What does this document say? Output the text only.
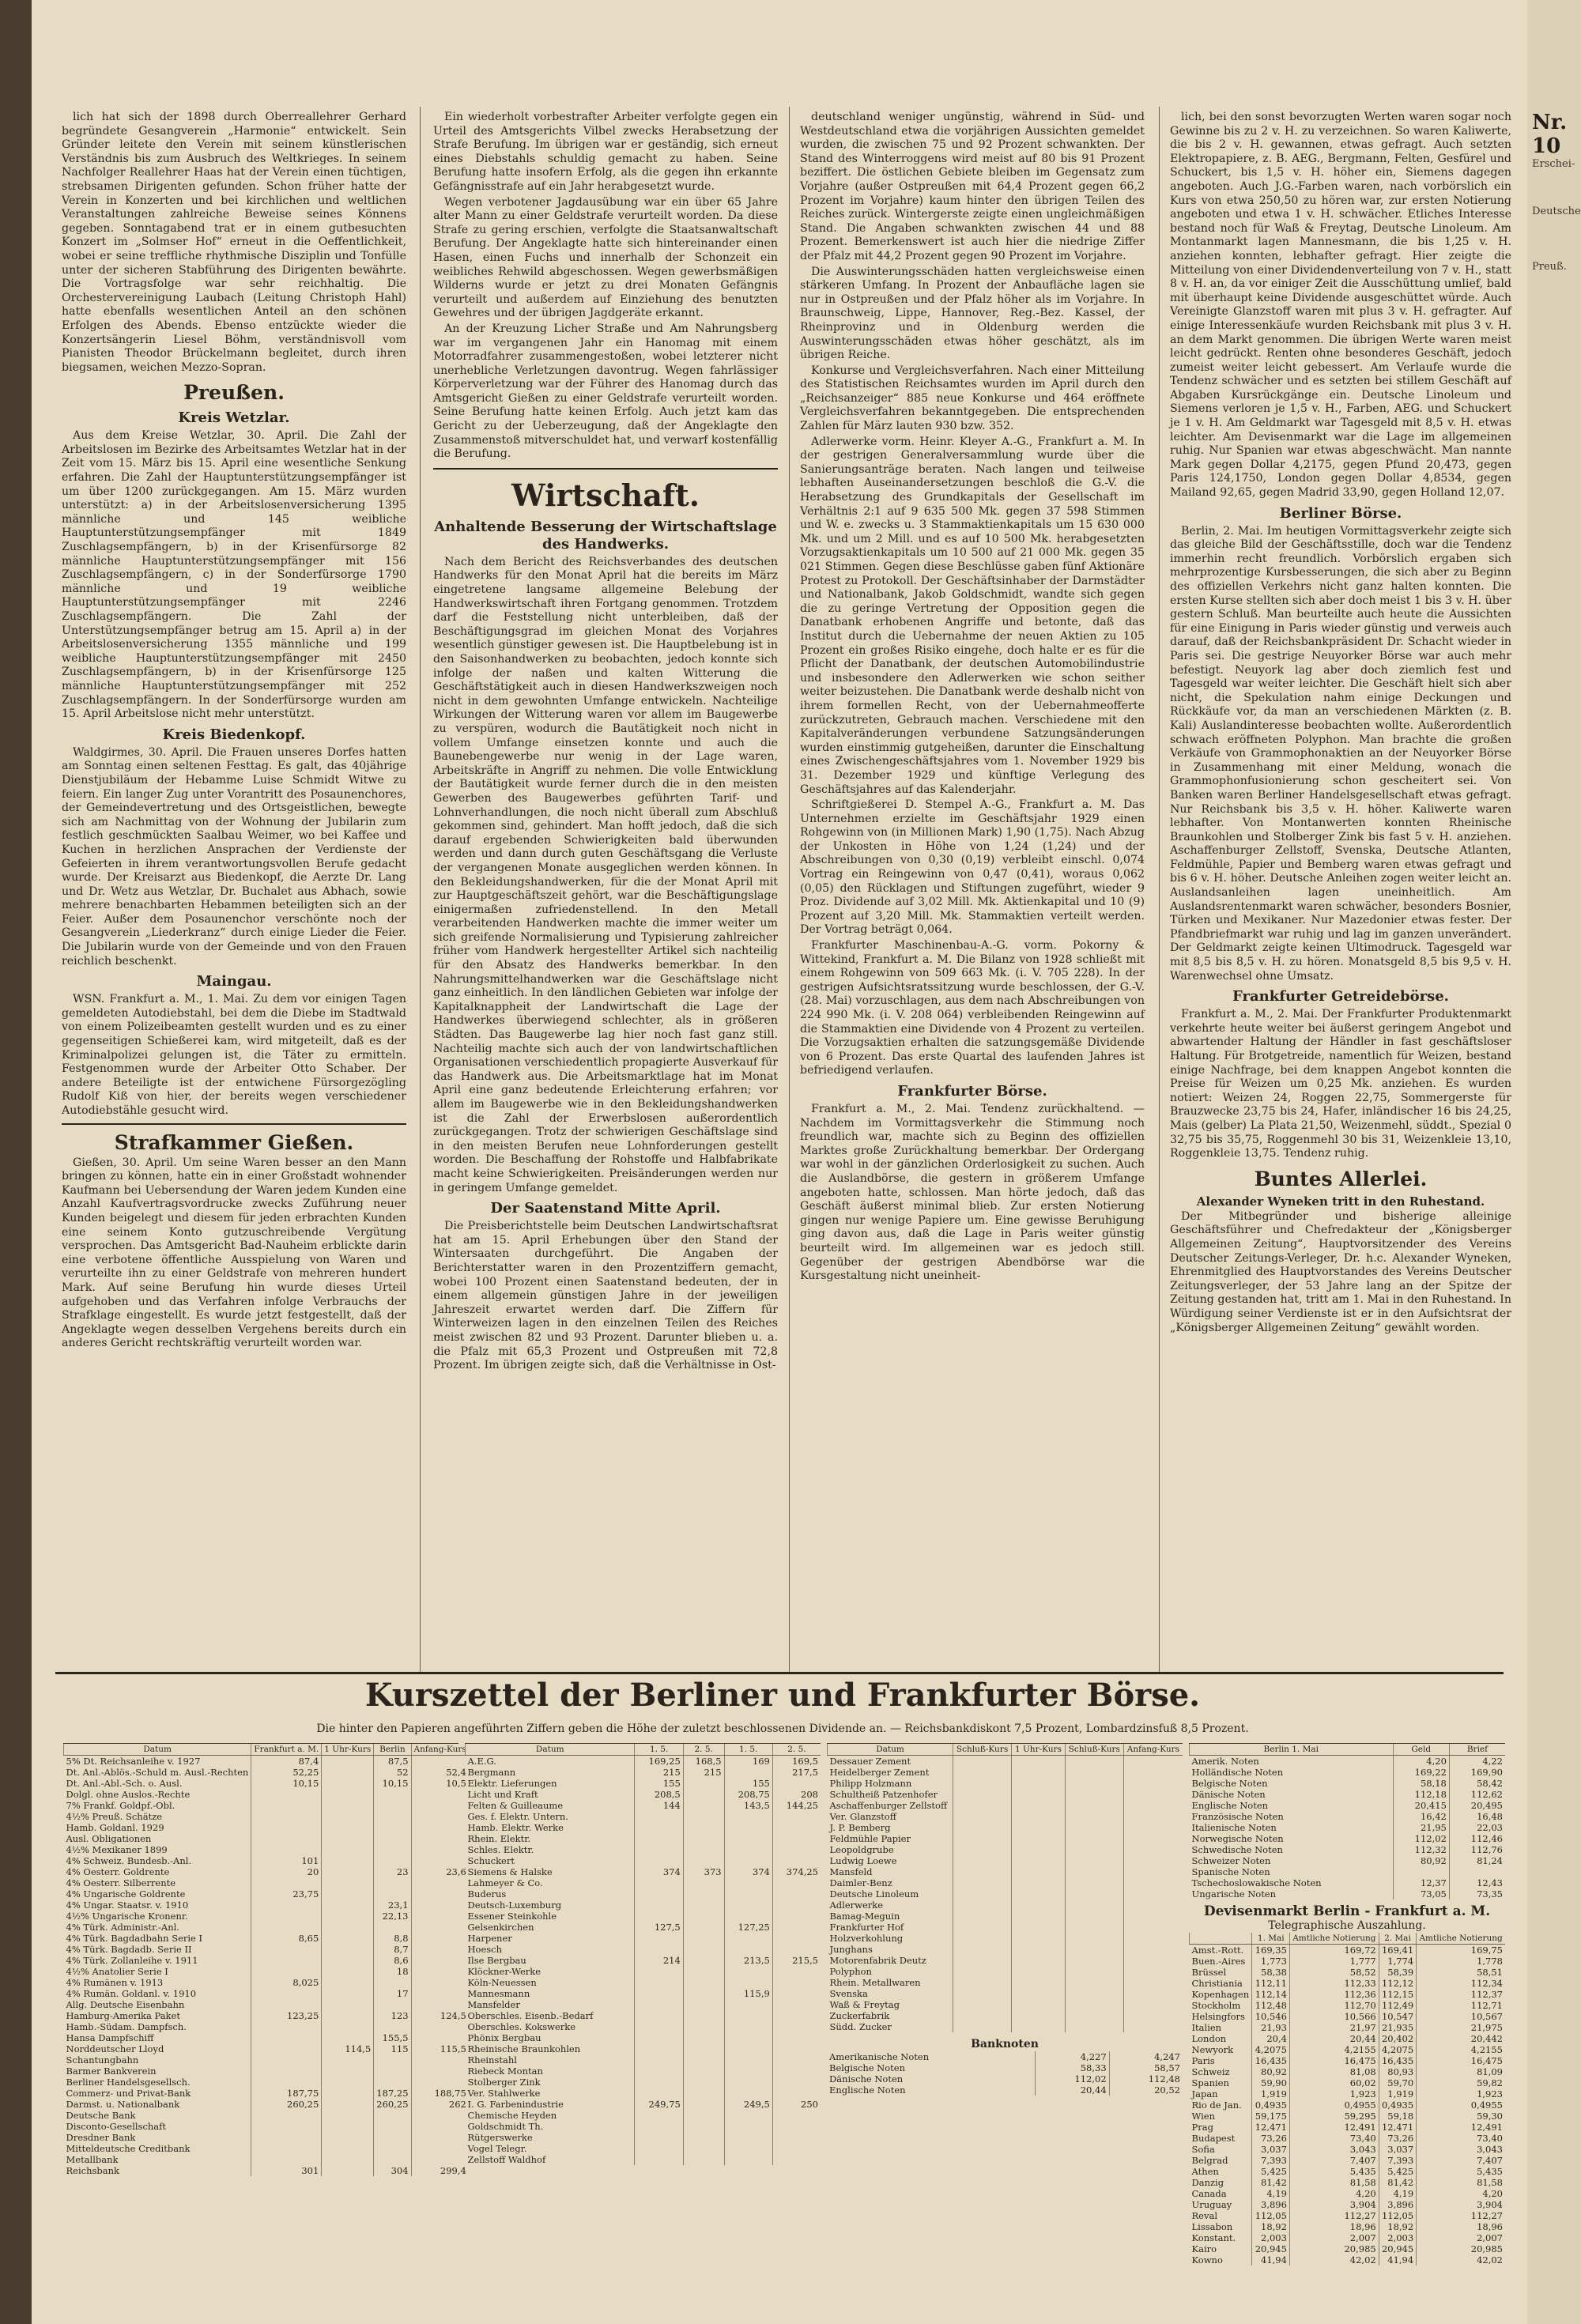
lich hat sich der 1898 durch Oberreallehrer Gerhard begründete Gesangverein „Harmonie“ entwickelt. Sein Gründer leitete den Verein mit seinem künstlerischen Verständnis bis zum Ausbruch des Weltkrieges. In seinem Nachfolger Reallehrer Haas hat der Verein einen tüchtigen, strebsamen Dirigenten gefunden. Schon früher hatte der Verein in Konzerten und bei kirchlichen und weltlichen Veranstaltungen zahlreiche Beweise seines Könnens gegeben. Sonntagabend trat er in einem gutbesuchten Konzert im „Solmser Hof“ erneut in die Oeffentlichkeit, wobei er seine treffliche rhythmische Disziplin und Tonfülle unter der sicheren Stabführung des Dirigenten bewährte. Die Vortragsfolge war sehr reichhaltig. Die Orchestervereinigung Laubach (Leitung Christoph Hahl) hatte ebenfalls wesentlichen Anteil an den schönen Erfolgen des Abends. Ebenso entzückte wieder die Konzertsängerin Liesel Böhm, verständnisvoll vom Pianisten Theodor Brückelmann begleitet, durch ihren biegsamen, weichen Mezzo-Sopran.

Preußen.
Kreis Wetzlar.

Aus dem Kreise Wetzlar, 30. April. Die Zahl der Arbeitslosen im Bezirke des Arbeitsamtes Wetzlar hat in der Zeit vom 15. März bis 15. April eine wesentliche Senkung erfahren. Die Zahl der Hauptunterstützungsempfänger ist um über 1200 zurückgegangen. Am 15. März wurden unterstützt: a) in der Arbeitslosenversicherung 1395 männliche und 145 weibliche Hauptunterstützungsempfänger mit 1849 Zuschlagsempfängern, b) in der Krisenfürsorge 82 männliche Hauptunterstützungsempfänger mit 156 Zuschlagsempfängern, c) in der Sonderfürsorge 1790 männliche und 19 weibliche Hauptunterstützungsempfänger mit 2246 Zuschlagsempfängern. Die Zahl der Unterstützungsempfänger betrug am 15. April a) in der Arbeitslosenversicherung 1355 männliche und 199 weibliche Hauptunterstützungsempfänger mit 2450 Zuschlagsempfängern, b) in der Krisenfürsorge 125 männliche Hauptunterstützungsempfänger mit 252 Zuschlagsempfängern. In der Sonderfürsorge wurden am 15. April Arbeitslose nicht mehr unterstützt.

Kreis Biedenkopf.

Waldgirmes, 30. April. Die Frauen unseres Dorfes hatten am Sonntag einen seltenen Festtag. Es galt, das 40jährige Dienstjubiläum der Hebamme Luise Schmidt Witwe zu feiern. Ein langer Zug unter Vorantritt des Posaunenchores, der Gemeindevertretung und des Ortsgeistlichen, bewegte sich am Nachmittag von der Wohnung der Jubilarin zum festlich geschmückten Saalbau Weimer, wo bei Kaffee und Kuchen in herzlichen Ansprachen der Verdienste der Gefeierten in ihrem verantwortungsvollen Berufe gedacht wurde. Der Kreisarzt aus Biedenkopf, die Aerzte Dr. Lang und Dr. Wetz aus Wetzlar, Dr. Buchalet aus Abhach, sowie mehrere benachbarten Hebammen beteiligten sich an der Feier. Außer dem Posaunenchor verschönte noch der Gesangverein „Liederkranz“ durch einige Lieder die Feier. Die Jubilarin wurde von der Gemeinde und von den Frauen reichlich beschenkt.

Maingau.

WSN. Frankfurt a. M., 1. Mai. Zu dem vor einigen Tagen gemeldeten Autodiebstahl, bei dem die Diebe im Stadtwald von einem Polizeibeamten gestellt wurden und es zu einer gegenseitigen Schießerei kam, wird mitgeteilt, daß es der Kriminalpolizei gelungen ist, die Täter zu ermitteln. Festgenommen wurde der Arbeiter Otto Schaber. Der andere Beteiligte ist der entwichene Fürsorgezögling Rudolf Kiß von hier, der bereits wegen verschiedener Autodiebstähle gesucht wird.

Strafkammer Gießen.

Gießen, 30. April. Um seine Waren besser an den Mann bringen zu können, hatte ein in einer Großstadt wohnender Kaufmann bei Uebersendung der Waren jedem Kunden eine Anzahl Kaufvertragsvordrucke zwecks Zuführung neuer Kunden beigelegt und diesem für jeden erbrachten Kunden eine seinem Konto gutzuschreibende Vergütung versprochen. Das Amtsgericht Bad-Nauheim erblickte darin eine verbotene öffentliche Ausspielung von Waren und verurteilte ihn zu einer Geldstrafe von mehreren hundert Mark. Auf seine Berufung hin wurde dieses Urteil aufgehoben und das Verfahren infolge Verbrauchs der Strafklage eingestellt. Es wurde jetzt festgestellt, daß der Angeklagte wegen desselben Vergehens bereits durch ein anderes Gericht rechtskräftig verurteilt worden war.

Ein wiederholt vorbestrafter Arbeiter verfolgte gegen ein Urteil des Amtsgerichts Vilbel zwecks Herabsetzung der Strafe Berufung. Im übrigen war er geständig, sich erneut eines Diebstahls schuldig gemacht zu haben. Seine Berufung hatte insofern Erfolg, als die gegen ihn erkannte Gefängnisstrafe auf ein Jahr herabgesetzt wurde.

Wegen verbotener Jagdausübung war ein über 65 Jahre alter Mann zu einer Geldstrafe verurteilt worden. Da diese Strafe zu gering erschien, verfolgte die Staatsanwaltschaft Berufung. Der Angeklagte hatte sich hintereinander einen Hasen, einen Fuchs und innerhalb der Schonzeit ein weibliches Rehwild abgeschossen. Wegen gewerbsmäßigen Wilderns wurde er jetzt zu drei Monaten Gefängnis verurteilt und außerdem auf Einziehung des benutzten Gewehres und der übrigen Jagdgeräte erkannt.

An der Kreuzung Licher Straße und Am Nahrungsberg war im vergangenen Jahr ein Hanomag mit einem Motorradfahrer zusammengestoßen, wobei letzterer nicht unerhebliche Verletzungen davontrug. Wegen fahrlässiger Körperverletzung war der Führer des Hanomag durch das Amtsgericht Gießen zu einer Geldstrafe verurteilt worden. Seine Berufung hatte keinen Erfolg. Auch jetzt kam das Gericht zu der Ueberzeugung, daß der Angeklagte den Zusammenstoß mitverschuldet hat, und verwarf kostenfällig die Berufung.

Wirtschaft.
Anhaltende Besserung der Wirtschaftslage des Handwerks.

Nach dem Bericht des Reichsverbandes des deutschen Handwerks für den Monat April hat die bereits im März eingetretene langsame allgemeine Belebung der Handwerkswirtschaft ihren Fortgang genommen. Trotzdem darf die Feststellung nicht unterbleiben, daß der Beschäftigungsgrad im gleichen Monat des Vorjahres wesentlich günstiger gewesen ist. Die Hauptbelebung ist in den Saisonhandwerken zu beobachten, jedoch konnte sich infolge der naßen und kalten Witterung die Geschäftstätigkeit auch in diesen Handwerkszweigen noch nicht in dem gewohnten Umfange entwickeln. Nachteilige Wirkungen der Witterung waren vor allem im Baugewerbe zu verspüren, wodurch die Bautätigkeit noch nicht in vollem Umfange einsetzen konnte und auch die Baunebengewerbe nur wenig in der Lage waren, Arbeitskräfte in Angriff zu nehmen. Die volle Entwicklung der Bautätigkeit wurde ferner durch die in den meisten Gewerben des Baugewerbes geführten Tarif- und Lohnverhandlungen, die noch nicht überall zum Abschluß gekommen sind, gehindert. Man hofft jedoch, daß die sich darauf ergebenden Schwierigkeiten bald überwunden werden und dann durch guten Geschäftsgang die Verluste der vergangenen Monate ausgeglichen werden können. In den Bekleidungshandwerken, für die der Monat April mit zur Hauptgeschäftszeit gehört, war die Beschäftigungslage einigermaßen zufriedenstellend. In den Metall verarbeitenden Handwerken machte die immer weiter um sich greifende Normalisierung und Typisierung zahlreicher früher vom Handwerk hergestellter Artikel sich nachteilig für den Absatz des Handwerks bemerkbar. In den Nahrungsmittelhandwerken war die Geschäftslage nicht ganz einheitlich. In den ländlichen Gebieten war infolge der Kapitalknappheit der Landwirtschaft die Lage der Handwerkes überwiegend schlechter, als in größeren Städten. Das Baugewerbe lag hier noch fast ganz still. Nachteilig machte sich auch der von landwirtschaftlichen Organisationen verschiedentlich propagierte Ausverkauf für das Handwerk aus. Die Arbeitsmarktlage hat im Monat April eine ganz bedeutende Erleichterung erfahren; vor allem im Baugewerbe wie in den Bekleidungshandwerken ist die Zahl der Erwerbslosen außerordentlich zurückgegangen. Trotz der schwierigen Geschäftslage sind in den meisten Berufen neue Lohnforderungen gestellt worden. Die Beschaffung der Rohstoffe und Halbfabrikate macht keine Schwierigkeiten. Preisänderungen werden nur in geringem Umfange gemeldet.

Der Saatenstand Mitte April.

Die Preisberichtstelle beim Deutschen Landwirtschaftsrat hat am 15. April Erhebungen über den Stand der Wintersaaten durchgeführt. Die Angaben der Berichterstatter waren in den Prozentziffern gemacht, wobei 100 Prozent einen Saatenstand bedeuten, der in einem allgemein günstigen Jahre in der jeweiligen Jahreszeit erwartet werden darf. Die Ziffern für Winterweizen lagen in den einzelnen Teilen des Reiches meist zwischen 82 und 93 Prozent. Darunter blieben u. a. die Pfalz mit 65,3 Prozent und Ostpreußen mit 72,8 Prozent. Im übrigen zeigte sich, daß die Verhältnisse in Ost-

deutschland weniger ungünstig, während in Süd- und Westdeutschland etwa die vorjährigen Aussichten gemeldet wurden, die zwischen 75 und 92 Prozent schwankten. Der Stand des Winterroggens wird meist auf 80 bis 91 Prozent beziffert. Die östlichen Gebiete bleiben im Gegensatz zum Vorjahre (außer Ostpreußen mit 64,4 Prozent gegen 66,2 Prozent im Vorjahre) kaum hinter den übrigen Teilen des Reiches zurück. Wintergerste zeigte einen ungleichmäßigen Stand. Die Angaben schwankten zwischen 44 und 88 Prozent. Bemerkenswert ist auch hier die niedrige Ziffer der Pfalz mit 44,2 Prozent gegen 90 Prozent im Vorjahre.

Die Auswinterungsschäden hatten vergleichsweise einen stärkeren Umfang. In Prozent der Anbaufläche lagen sie nur in Ostpreußen und der Pfalz höher als im Vorjahre. In Braunschweig, Lippe, Hannover, Reg.-Bez. Kassel, der Rheinprovinz und in Oldenburg werden die Auswinterungsschäden etwas höher geschätzt, als im übrigen Reiche.

Konkurse und Vergleichsverfahren. Nach einer Mitteilung des Statistischen Reichsamtes wurden im April durch den „Reichsanzeiger“ 885 neue Konkurse und 464 eröffnete Vergleichsverfahren bekanntgegeben. Die entsprechenden Zahlen für März lauten 930 bzw. 352.

Adlerwerke vorm. Heinr. Kleyer A.-G., Frankfurt a. M. In der gestrigen Generalversammlung wurde über die Sanierungsanträge beraten. Nach langen und teilweise lebhaften Auseinandersetzungen beschloß die G.-V. die Herabsetzung des Grundkapitals der Gesellschaft im Verhältnis 2:1 auf 9 635 500 Mk. gegen 37 598 Stimmen und W. e. zwecks u. 3 Stammaktienkapitals um 15 630 000 Mk. und um 2 Mill. und es auf 10 500 Mk. herabgesetzten Vorzugsaktienkapitals um 10 500 auf 21 000 Mk. gegen 35 021 Stimmen. Gegen diese Beschlüsse gaben fünf Aktionäre Protest zu Protokoll. Der Geschäftsinhaber der Darmstädter und Nationalbank, Jakob Goldschmidt, wandte sich gegen die zu geringe Vertretung der Opposition gegen die Danatbank erhobenen Angriffe und betonte, daß das Institut durch die Uebernahme der neuen Aktien zu 105 Prozent ein großes Risiko eingehe, doch halte er es für die Pflicht der Danatbank, der deutschen Automobilindustrie und insbesondere den Adlerwerken wie schon seither weiter beizustehen. Die Danatbank werde deshalb nicht von ihrem formellen Recht, von der Uebernahmeofferte zurückzutreten, Gebrauch machen. Verschiedene mit den Kapitalveränderungen verbundene Satzungsänderungen wurden einstimmig gutgeheißen, darunter die Einschaltung eines Zwischengeschäftsjahres vom 1. November 1929 bis 31. Dezember 1929 und künftige Verlegung des Geschäftsjahres auf das Kalenderjahr.

Schriftgießerei D. Stempel A.-G., Frankfurt a. M. Das Unternehmen erzielte im Geschäftsjahr 1929 einen Rohgewinn von (in Millionen Mark) 1,90 (1,75). Nach Abzug der Unkosten in Höhe von 1,24 (1,24) und der Abschreibungen von 0,30 (0,19) verbleibt einschl. 0,074 Vortrag ein Reingewinn von 0,47 (0,41), woraus 0,062 (0,05) den Rücklagen und Stiftungen zugeführt, wieder 9 Proz. Dividende auf 3,02 Mill. Mk. Aktienkapital und 10 (9) Prozent auf 3,20 Mill. Mk. Stammaktien verteilt werden. Der Vortrag beträgt 0,064.

Frankfurter Maschinenbau-A.-G. vorm. Pokorny & Wittekind, Frankfurt a. M. Die Bilanz von 1928 schließt mit einem Rohgewinn von 509 663 Mk. (i. V. 705 228). In der gestrigen Aufsichtsratssitzung wurde beschlossen, der G.-V. (28. Mai) vorzuschlagen, aus dem nach Abschreibungen von 224 990 Mk. (i. V. 208 064) verbleibenden Reingewinn auf die Stammaktien eine Dividende von 4 Prozent zu verteilen. Die Vorzugsaktien erhalten die satzungsgemäße Dividende von 6 Prozent. Das erste Quartal des laufenden Jahres ist befriedigend verlaufen.

Frankfurter Börse.

Frankfurt a. M., 2. Mai. Tendenz zurückhaltend. — Nachdem im Vormittagsverkehr die Stimmung noch freundlich war, machte sich zu Beginn des offiziellen Marktes große Zurückhaltung bemerkbar. Der Ordergang war wohl in der gänzlichen Orderlosigkeit zu suchen. Auch die Auslandbörse, die gestern in größerem Umfange angeboten hatte, schlossen. Man hörte jedoch, daß das Geschäft äußerst minimal blieb. Zur ersten Notierung gingen nur wenige Papiere um. Eine gewisse Beruhigung ging davon aus, daß die Lage in Paris weiter günstig beurteilt wird. Im allgemeinen war es jedoch still. Gegenüber der gestrigen Abendbörse war die Kursgestaltung nicht uneinheit-

lich, bei den sonst bevorzugten Werten waren sogar noch Gewinne bis zu 2 v. H. zu verzeichnen. So waren Kaliwerte, die bis 2 v. H. gewannen, etwas gefragt. Auch setzten Elektropapiere, z. B. AEG., Bergmann, Felten, Gesfürel und Schuckert, bis 1,5 v. H. höher ein, Siemens dagegen angeboten. Auch J.G.-Farben waren, nach vorbörslich ein Kurs von etwa 250,50 zu hören war, zur ersten Notierung angeboten und etwa 1 v. H. schwächer. Etliches Interesse bestand noch für Waß & Freytag, Deutsche Linoleum. Am Montanmarkt lagen Mannesmann, die bis 1,25 v. H. anziehen konnten, lebhafter gefragt. Hier zeigte die Mitteilung von einer Dividendenverteilung von 7 v. H., statt 8 v. H. an, da vor einiger Zeit die Ausschüttung umlief, bald mit überhaupt keine Dividende ausgeschüttet würde. Auch Vereinigte Glanzstoff waren mit plus 3 v. H. gefragter. Auf einige Interessenkäufe wurden Reichsbank mit plus 3 v. H. an dem Markt genommen. Die übrigen Werte waren meist leicht gedrückt. Renten ohne besonderes Geschäft, jedoch zumeist weiter leicht gebessert. Am Verlaufe wurde die Tendenz schwächer und es setzten bei stillem Geschäft auf Abgaben Kursrückgänge ein. Deutsche Linoleum und Siemens verloren je 1,5 v. H., Farben, AEG. und Schuckert je 1 v. H. Am Geldmarkt war Tagesgeld mit 8,5 v. H. etwas leichter. Am Devisenmarkt war die Lage im allgemeinen ruhig. Nur Spanien war etwas abgeschwächt. Man nannte Mark gegen Dollar 4,2175, gegen Pfund 20,473, gegen Paris 124,1750, London gegen Dollar 4,8534, gegen Mailand 92,65, gegen Madrid 33,90, gegen Holland 12,07.

Berliner Börse.

Berlin, 2. Mai. Im heutigen Vormittagsverkehr zeigte sich das gleiche Bild der Geschäftsstille, doch war die Tendenz immerhin recht freundlich. Vorbörslich ergaben sich mehrprozentige Kursbesserungen, die sich aber zu Beginn des offiziellen Verkehrs nicht ganz halten konnten. Die ersten Kurse stellten sich aber doch meist 1 bis 3 v. H. über gestern Schluß. Man beurteilte auch heute die Aussichten für eine Einigung in Paris wieder günstig und verweis auch darauf, daß der Reichsbankpräsident Dr. Schacht wieder in Paris sei. Die gestrige Neuyorker Börse war auch mehr befestigt. Neuyork lag aber doch ziemlich fest und Tagesgeld war weiter leichter. Die Geschäft hielt sich aber nicht, die Spekulation nahm einige Deckungen und Rückkäufe vor, da man an verschiedenen Märkten (z. B. Kali) Auslandinteresse beobachten wollte. Außerordentlich schwach eröffneten Polyphon. Man brachte die großen Verkäufe von Grammophonaktien an der Neuyorker Börse in Zusammenhang mit einer Meldung, wonach die Grammophonfusionierung schon gescheitert sei. Von Banken waren Berliner Handelsgesellschaft etwas gefragt. Nur Reichsbank bis 3,5 v. H. höher. Kaliwerte waren lebhafter. Von Montanwerten konnten Rheinische Braunkohlen und Stolberger Zink bis fast 5 v. H. anziehen. Aschaffenburger Zellstoff, Svenska, Deutsche Atlanten, Feldmühle, Papier und Bemberg waren etwas gefragt und bis 6 v. H. höher. Deutsche Anleihen zogen weiter leicht an. Auslandsanleihen lagen uneinheitlich. Am Auslandsrentenmarkt waren schwächer, besonders Bosnier, Türken und Mexikaner. Nur Mazedonier etwas fester. Der Pfandbriefmarkt war ruhig und lag im ganzen unverändert. Der Geldmarkt zeigte keinen Ultimodruck. Tagesgeld war mit 8,5 bis 8,5 v. H. zu hören. Monatsgeld 8,5 bis 9,5 v. H. Warenwechsel ohne Umsatz.

Frankfurter Getreidebörse.

Frankfurt a. M., 2. Mai. Der Frankfurter Produktenmarkt verkehrte heute weiter bei äußerst geringem Angebot und abwartender Haltung der Händler in fast geschäftsloser Haltung. Für Brotgetreide, namentlich für Weizen, bestand einige Nachfrage, bei dem knappen Angebot konnten die Preise für Weizen um 0,25 Mk. anziehen. Es wurden notiert: Weizen 24, Roggen 22,75, Sommergerste für Brauzwecke 23,75 bis 24, Hafer, inländischer 16 bis 24,25, Mais (gelber) La Plata 21,50, Weizenmehl, süddt., Spezial 0 32,75 bis 35,75, Roggenmehl 30 bis 31, Weizenkleie 13,10, Roggenkleie 13,75. Tendenz ruhig.

Buntes Allerlei.
Alexander Wyneken tritt in den Ruhestand.

Der Mitbegründer und bisherige alleinige Geschäftsführer und Chefredakteur der „Königsberger Allgemeinen Zeitung“, Hauptvorsitzender des Vereins Deutscher Zeitungs-Verleger, Dr. h.c. Alexander Wyneken, Ehrenmitglied des Hauptvorstandes des Vereins Deutscher Zeitungsverleger, der 53 Jahre lang an der Spitze der Zeitung gestanden hat, tritt am 1. Mai in den Ruhestand. In Würdigung seiner Verdienste ist er in den Aufsichtsrat der „Königsberger Allgemeinen Zeitung“ gewählt worden.

Kurszettel der Berliner und Frankfurter Börse.
Die hinter den Papieren angeführten Ziffern geben die Höhe der zuletzt beschlossenen Dividende an. — Reichsbankdiskont 7,5 Prozent, Lombardzinsfuß 8,5 Prozent.
Datum	Frankfurt a. M.	1 Uhr-Kurs	Berlin	Anfang-Kurs
5% Dt. Reichsanleihe v. 1927	87,4		87,5	
Dt. Anl.-Ablös.-Schuld m. Ausl.-Rechten	52,25		52	52,4
Dt. Anl.-Abl.-Sch. o. Ausl.	10,15		10,15	10,5
Dolgl. ohne Auslos.-Rechte				
7% Frankf. Goldpf.-Obl.				
4½% Preuß. Schätze				
Hamb. Goldanl. 1929				
Ausl. Obligationen				
4½% Mexikaner 1899				
4% Schweiz. Bundesb.-Anl.	101			
4% Oesterr. Goldrente	20		23	23,6
4% Oesterr. Silberrente				
4% Ungarische Goldrente	23,75			
4% Ungar. Staatsr. v. 1910			23,1	
4½% Ungarische Kronenr.			22,13	
4% Türk. Administr.-Anl.				
4% Türk. Bagdadbahn Serie I	8,65		8,8	
4% Türk. Bagdadb. Serie II			8,7	
4% Türk. Zollanleihe v. 1911			8,6	
4½% Anatolier Serie I			18	
4% Rumänen v. 1913	8,025			
4% Rumän. Goldanl. v. 1910			17	
Allg. Deutsche Eisenbahn				
Hamburg-Amerika Paket	123,25		123	124,5
Hamb.-Südam. Dampfsch.				
Hansa Dampfschiff			155,5	
Norddeutscher Lloyd		114,5	115	115,5
Schantungbahn				
Barmer Bankverein				
Berliner Handelsgesellsch.				
Commerz- und Privat-Bank	187,75		187,25	188,75
Darmst. u. Nationalbank	260,25		260,25	262
Deutsche Bank				
Disconto-Gesellschaft				
Dresdner Bank				
Mitteldeutsche Creditbank				
Metallbank				
Reichsbank	301		304	299,4
Datum	1. 5.	2. 5.	1. 5.	2. 5.
A.E.G.	169,25	168,5	169	169,5
Bergmann	215	215		217,5
Elektr. Lieferungen	155		155	
Licht und Kraft	208,5		208,75	208
Felten & Guilleaume	144		143,5	144,25
Ges. f. Elektr. Untern.				
Hamb. Elektr. Werke				
Rhein. Elektr.				
Schles. Elektr.				
Schuckert				
Siemens & Halske	374	373	374	374,25
Lahmeyer & Co.				
Buderus				
Deutsch-Luxemburg				
Essener Steinkohle				
Gelsenkirchen	127,5		127,25	
Harpener				
Hoesch				
Ilse Bergbau	214		213,5	215,5
Klöckner-Werke				
Köln-Neuessen				
Mannesmann			115,9	
Mansfelder				
Oberschles. Eisenb.-Bedarf				
Oberschles. Kokswerke				
Phönix Bergbau				
Rheinische Braunkohlen				
Rheinstahl				
Riebeck Montan				
Stolberger Zink				
Ver. Stahlwerke				
I. G. Farbenindustrie	249,75		249,5	250
Chemische Heyden				
Goldschmidt Th.				
Rütgerswerke				
Vogel Telegr.				
Zellstoff Waldhof				
Datum	Schluß-Kurs	1 Uhr-Kurs	Schluß-Kurs	Anfang-Kurs
Dessauer Zement				
Heidelberger Zement				
Philipp Holzmann				
Schultheiß Patzenhofer				
Aschaffenburger Zellstoff				
Ver. Glanzstoff				
J. P. Bemberg				
Feldmühle Papier				
Leopoldgrube				
Ludwig Loewe				
Mansfeld				
Daimler-Benz				
Deutsche Linoleum				
Adlerwerke				
Bamag-Meguin				
Frankfurter Hof				
Holzverkohlung				
Junghans				
Motorenfabrik Deutz				
Polyphon				
Rhein. Metallwaren				
Svenska				
Waß & Freytag				
Zuckerfabrik				
Südd. Zucker				
Banknoten
Amerikanische Noten	4,227	4,247
Belgische Noten	58,33	58,57
Dänische Noten	112,02	112,48
Englische Noten	20,44	20,52
Berlin 1. Mai	Geld	Brief
Amerik. Noten	4,20	4,22
Holländische Noten	169,22	169,90
Belgische Noten	58,18	58,42
Dänische Noten	112,18	112,62
Englische Noten	20,415	20,495
Französische Noten	16,42	16,48
Italienische Noten	21,95	22,03
Norwegische Noten	112,02	112,46
Schwedische Noten	112,32	112,76
Schweizer Noten	80,92	81,24
Spanische Noten		
Tschechoslowakische Noten	12,37	12,43
Ungarische Noten	73,05	73,35
Devisenmarkt Berlin - Frankfurt a. M.
Telegraphische Auszahlung.
	1. Mai	Amtliche Notierung	2. Mai	Amtliche Notierung
Amst.-Rott.	169,35	169,72	169,41	169,75
Buen.-Aires	1,773	1,777	1,774	1,778
Brüssel	58,38	58,52	58,39	58,51
Christiania	112,11	112,33	112,12	112,34
Kopenhagen	112,14	112,36	112,15	112,37
Stockholm	112,48	112,70	112,49	112,71
Helsingfors	10,546	10,566	10,547	10,567
Italien	21,93	21,97	21,935	21,975
London	20,4	20,44	20,402	20,442
Newyork	4,2075	4,2155	4,2075	4,2155
Paris	16,435	16,475	16,435	16,475
Schweiz	80,92	81,08	80,93	81,09
Spanien	59,90	60,02	59,70	59,82
Japan	1,919	1,923	1,919	1,923
Rio de Jan.	0,4935	0,4955	0,4935	0,4955
Wien	59,175	59,295	59,18	59,30
Prag	12,471	12,491	12,471	12,491
Budapest	73,26	73,40	73,26	73,40
Sofia	3,037	3,043	3,037	3,043
Belgrad	7,393	7,407	7,393	7,407
Athen	5,425	5,435	5,425	5,435
Danzig	81,42	81,58	81,42	81,58
Canada	4,19	4,20	4,19	4,20
Uruguay	3,896	3,904	3,896	3,904
Reval	112,05	112,27	112,05	112,27
Lissabon	18,92	18,96	18,92	18,96
Konstant.	2,003	2,007	2,003	2,007
Kairo	20,945	20,985	20,945	20,985
Kowno	41,94	42,02	41,94	42,02
Nr. 10
Erschei-
Deutsche
Preuß.
